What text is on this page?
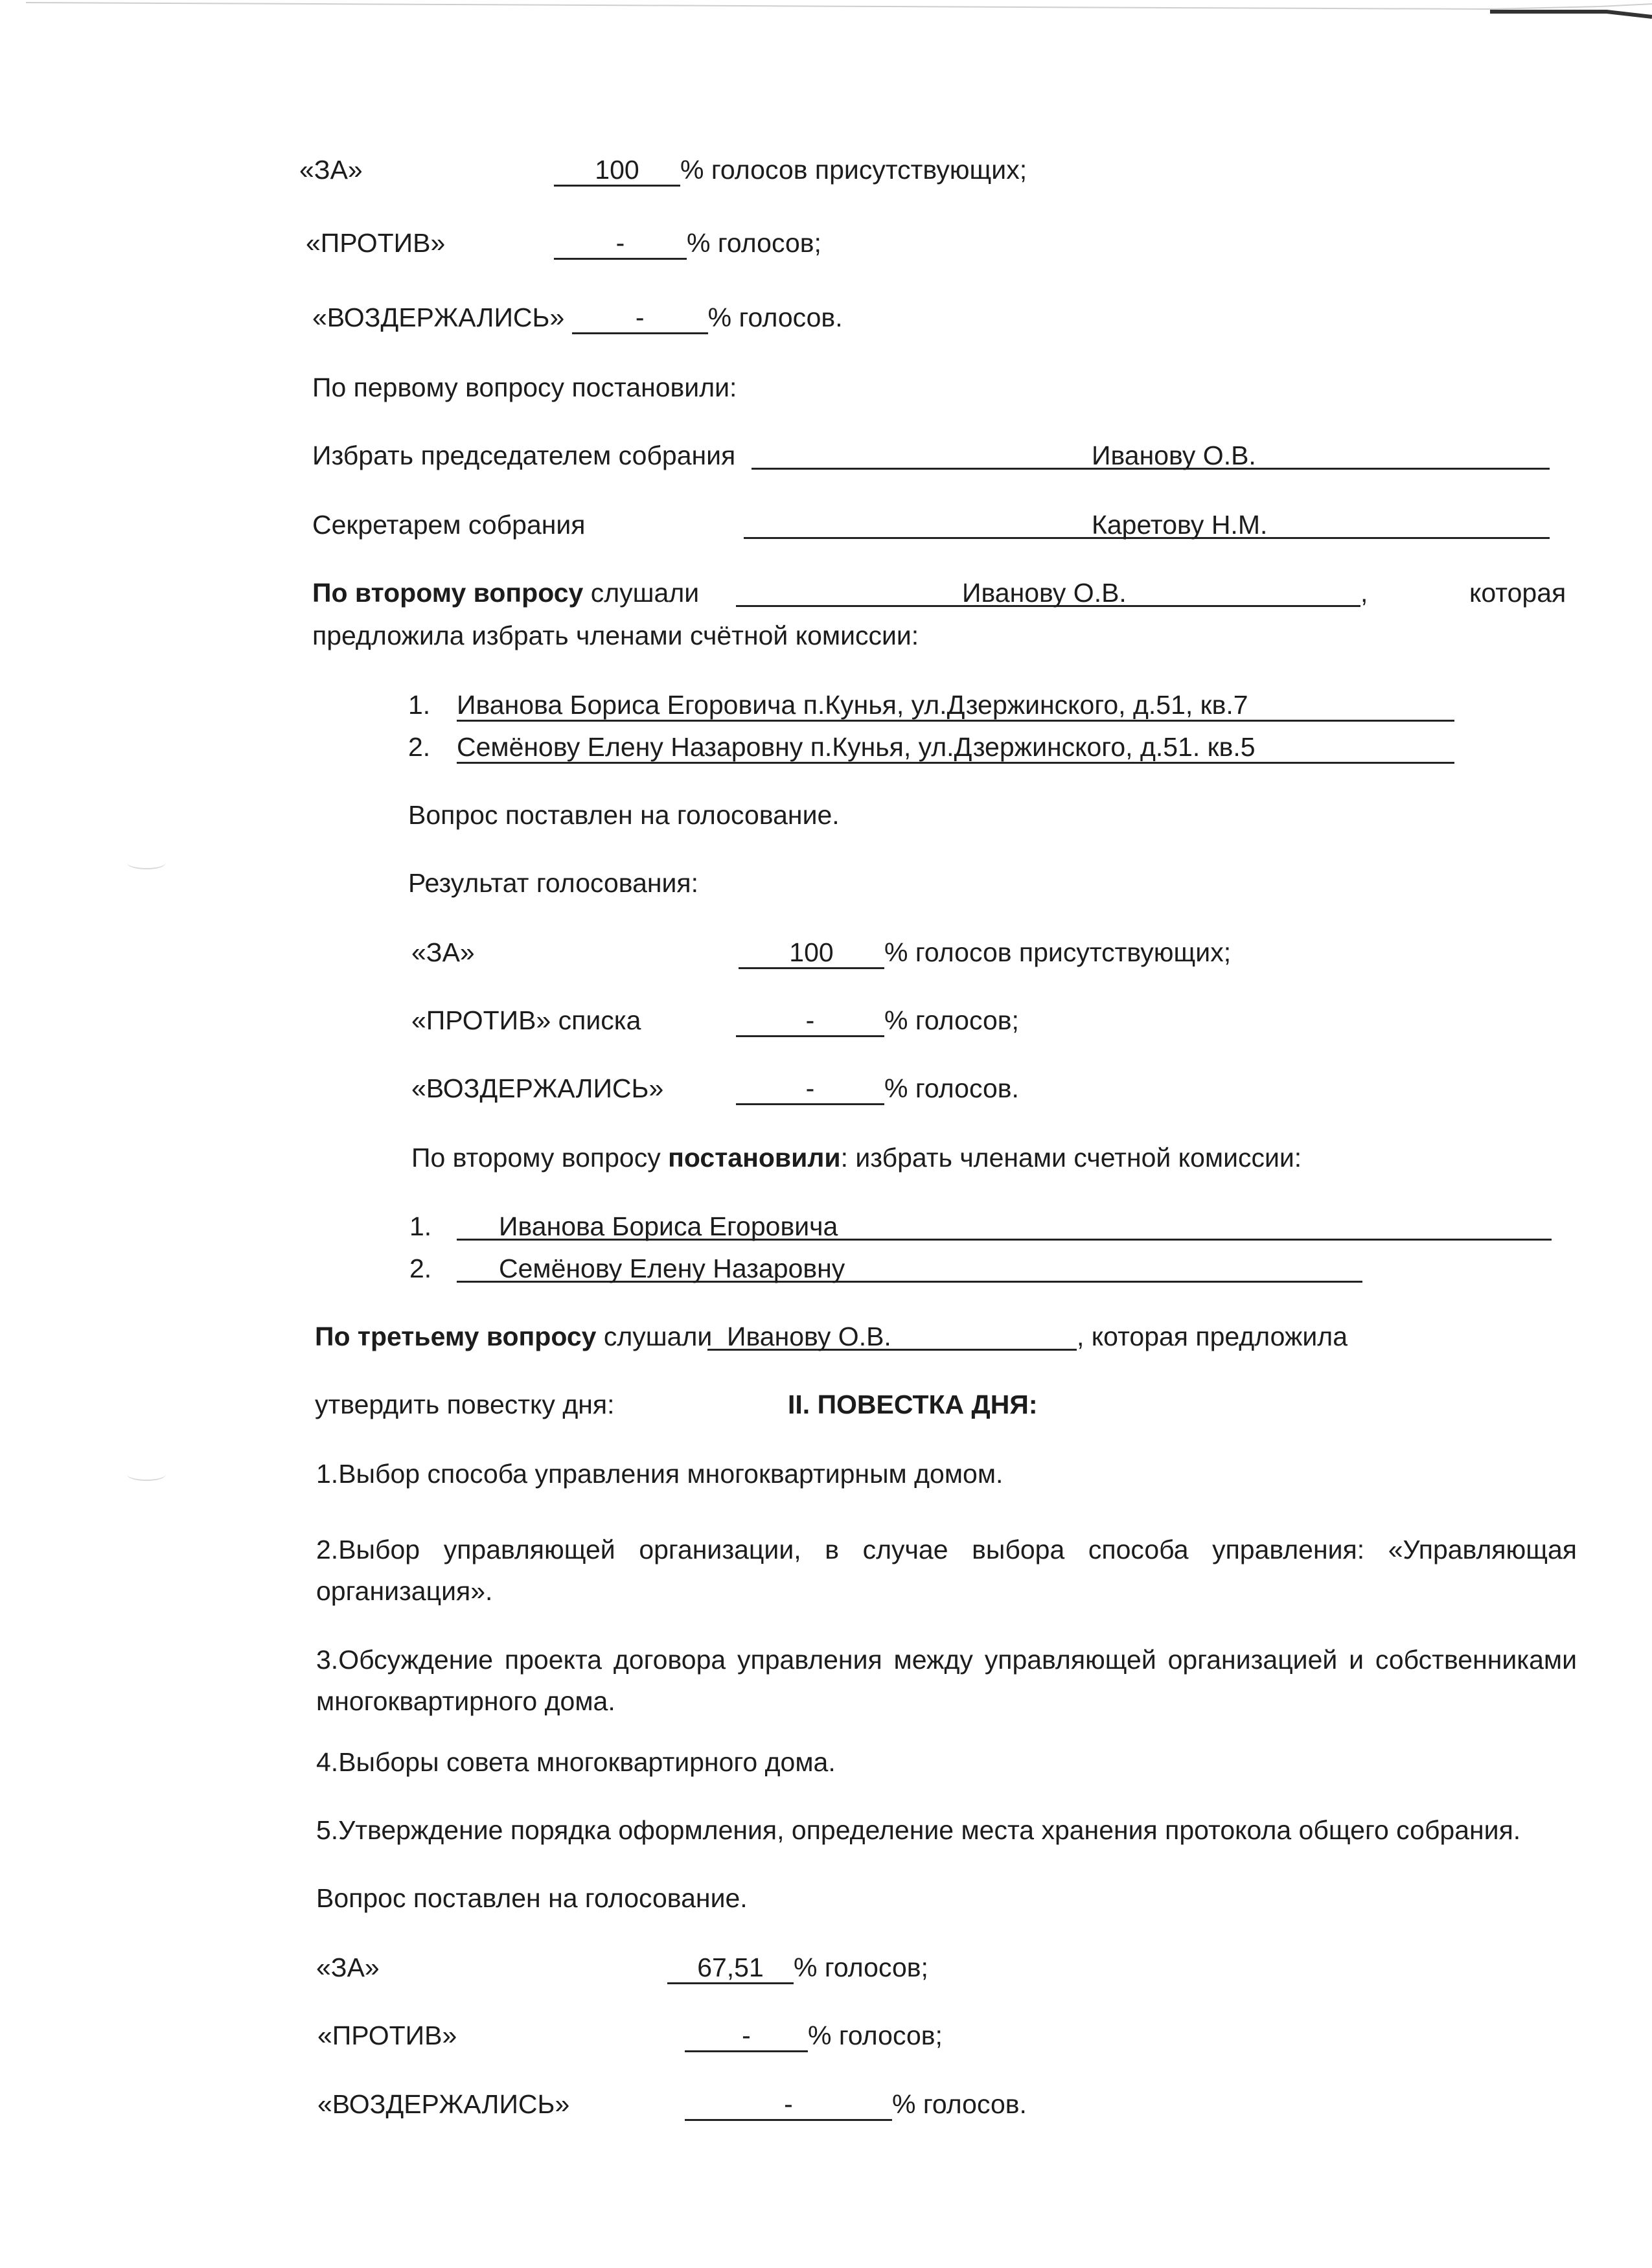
«ЗА»	100 % голосов присутствующих;
«ПРОТИВ»	- % голосов;
«ВОЗДЕРЖАЛИСЬ»	- % голосов.
По первому вопросу постановили:
Избрать председателем собрания	Иванову О.В.
Секретарем собрания	Каретову Н.М.
По второму вопросу слушали	Иванову О.В.	,	которая
предложила избрать членами счётной комиссии:
1. Иванова Бориса Егоровича п.Кунья, ул.Дзержинского, д.51, кв.7
2. Семёнову Елену Назаровну п.Кунья, ул.Дзержинского, д.51. кв.5
Вопрос поставлен на голосование.
Результат голосования:
«ЗА»	100 % голосов присутствующих;
«ПРОТИВ» списка	-	% голосов;
«ВОЗДЕРЖАЛИСЬ»	-	% голосов.
По второму вопросу постановили: избрать членами счетной комиссии:
1.	Иванова Бориса Егоровича
2.	Семёнову Елену Назаровну
По третьему вопросу слушали Иванову О.В.	, которая предложила
утвердить повестку дня:	II. ПОВЕСТКА ДНЯ:
1.Выбор способа управления многоквартирным домом.
2.Выбор управляющей организации, в случае выбора способа управления: «Управляющая организация».
3.Обсуждение проекта договора управления между управляющей организацией и собственниками многоквартирного дома.
4.Выборы совета многоквартирного дома.
5.Утверждение порядка оформления, определение места хранения протокола общего собрания.
Вопрос поставлен на голосование.
«ЗА»	67,51 % голосов;
«ПРОТИВ»	- % голосов;
«ВОЗДЕРЖАЛИСЬ»	-	% голосов.
